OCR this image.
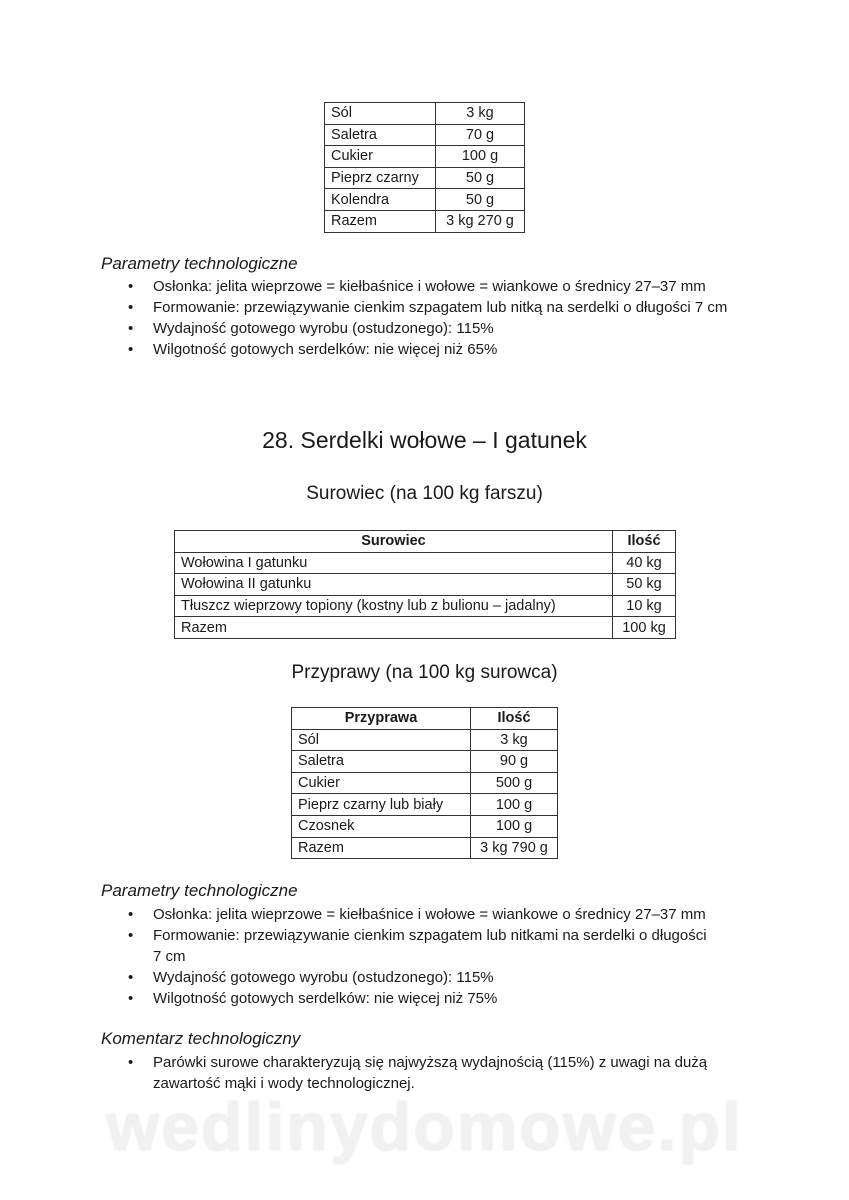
Sól	3 kg
Saletra	70 g
Cukier	100 g
Pieprz czarny	50 g
Kolendra	50 g
Razem	3 kg 270 g
Parametry technologiczne
• Osłonka: jelita wieprzowe = kiełbaśnice i wołowe = wiankowe o średnicy 27–37 mm
• Formowanie: przewiązywanie cienkim szpagatem lub nitką na serdelki o długości 7 cm
• Wydajność gotowego wyrobu (ostudzonego): 115%
• Wilgotność gotowych serdelków: nie więcej niż 65%
28. Serdelki wołowe – I gatunek
Surowiec (na 100 kg farszu)
Surowiec	Ilość
Wołowina I gatunku	40 kg
Wołowina II gatunku	50 kg
Tłuszcz wieprzowy topiony (kostny lub z bulionu – jadalny)	10 kg
Razem	100 kg
Przyprawy (na 100 kg surowca)
Przyprawa	Ilość
Sól	3 kg
Saletra	90 g
Cukier	500 g
Pieprz czarny lub biały	100 g
Czosnek	100 g
Razem	3 kg 790 g
Parametry technologiczne
• Osłonka: jelita wieprzowe = kiełbaśnice i wołowe = wiankowe o średnicy 27–37 mm
• Formowanie: przewiązywanie cienkim szpagatem lub nitkami na serdelki o długości 7 cm
• Wydajność gotowego wyrobu (ostudzonego): 115%
• Wilgotność gotowych serdelków: nie więcej niż 75%
Komentarz technologiczny
• Parówki surowe charakteryzują się najwyższą wydajnością (115%) z uwagi na dużą zawartość mąki i wody technologicznej.
wedlinydomowe.pl
